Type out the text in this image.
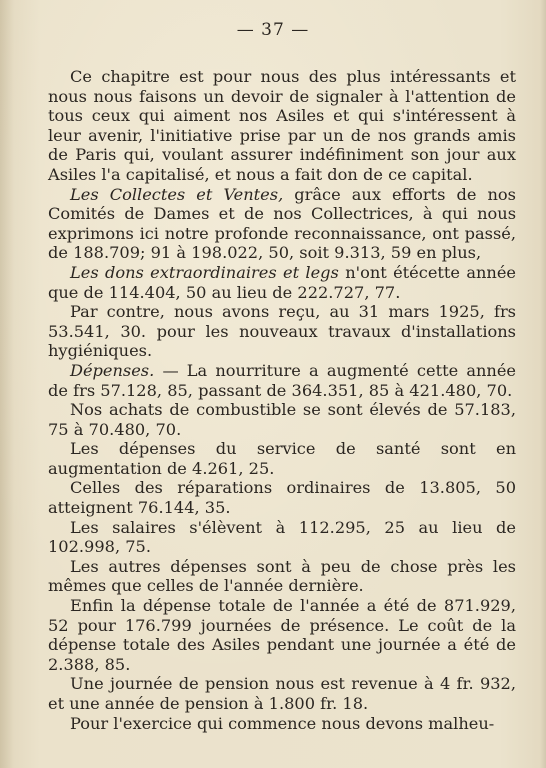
— 37 —

Ce chapitre est pour nous des plus intéressants et nous nous faisons un devoir de signaler à l'attention de tous ceux qui aiment nos Asiles et qui s'intéressent à leur avenir, l'initiative prise par un de nos grands amis de Paris qui, voulant assurer indéfiniment son jour aux Asiles l'a capitalisé, et nous a fait don de ce capital.

Les Collectes et Ventes, grâce aux efforts de nos Comités de Dames et de nos Collectrices, à qui nous exprimons ici notre profonde reconnaissance, ont passé, de 188.709; 91 à 198.022, 50, soit 9.313, 59 en plus,

Les dons extraordinaires et legs n'ont étécette année que de 114.404, 50 au lieu de 222.727, 77.

Par contre, nous avons reçu, au 31 mars 1925, frs 53.541, 30. pour les nouveaux travaux d'installations hygiéniques.

Dépenses. — La nourriture a augmenté cette année de frs 57.128, 85, passant de 364.351, 85 à 421.480, 70.

Nos achats de combustible se sont élevés de 57.183, 75 à 70.480, 70.

Les dépenses du service de santé sont en augmentation de 4.261, 25.

Celles des réparations ordinaires de 13.805, 50 atteignent 76.144, 35.

Les salaires s'élèvent à 112.295, 25 au lieu de 102.998, 75.

Les autres dépenses sont à peu de chose près les mêmes que celles de l'année dernière.

Enfin la dépense totale de l'année a été de 871.929, 52 pour 176.799 journées de présence. Le coût de la dépense totale des Asiles pendant une journée a été de 2.388, 85.

Une journée de pension nous est revenue à 4 fr. 932, et une année de pension à 1.800 fr. 18.

Pour l'exercice qui commence nous devons malheu-
